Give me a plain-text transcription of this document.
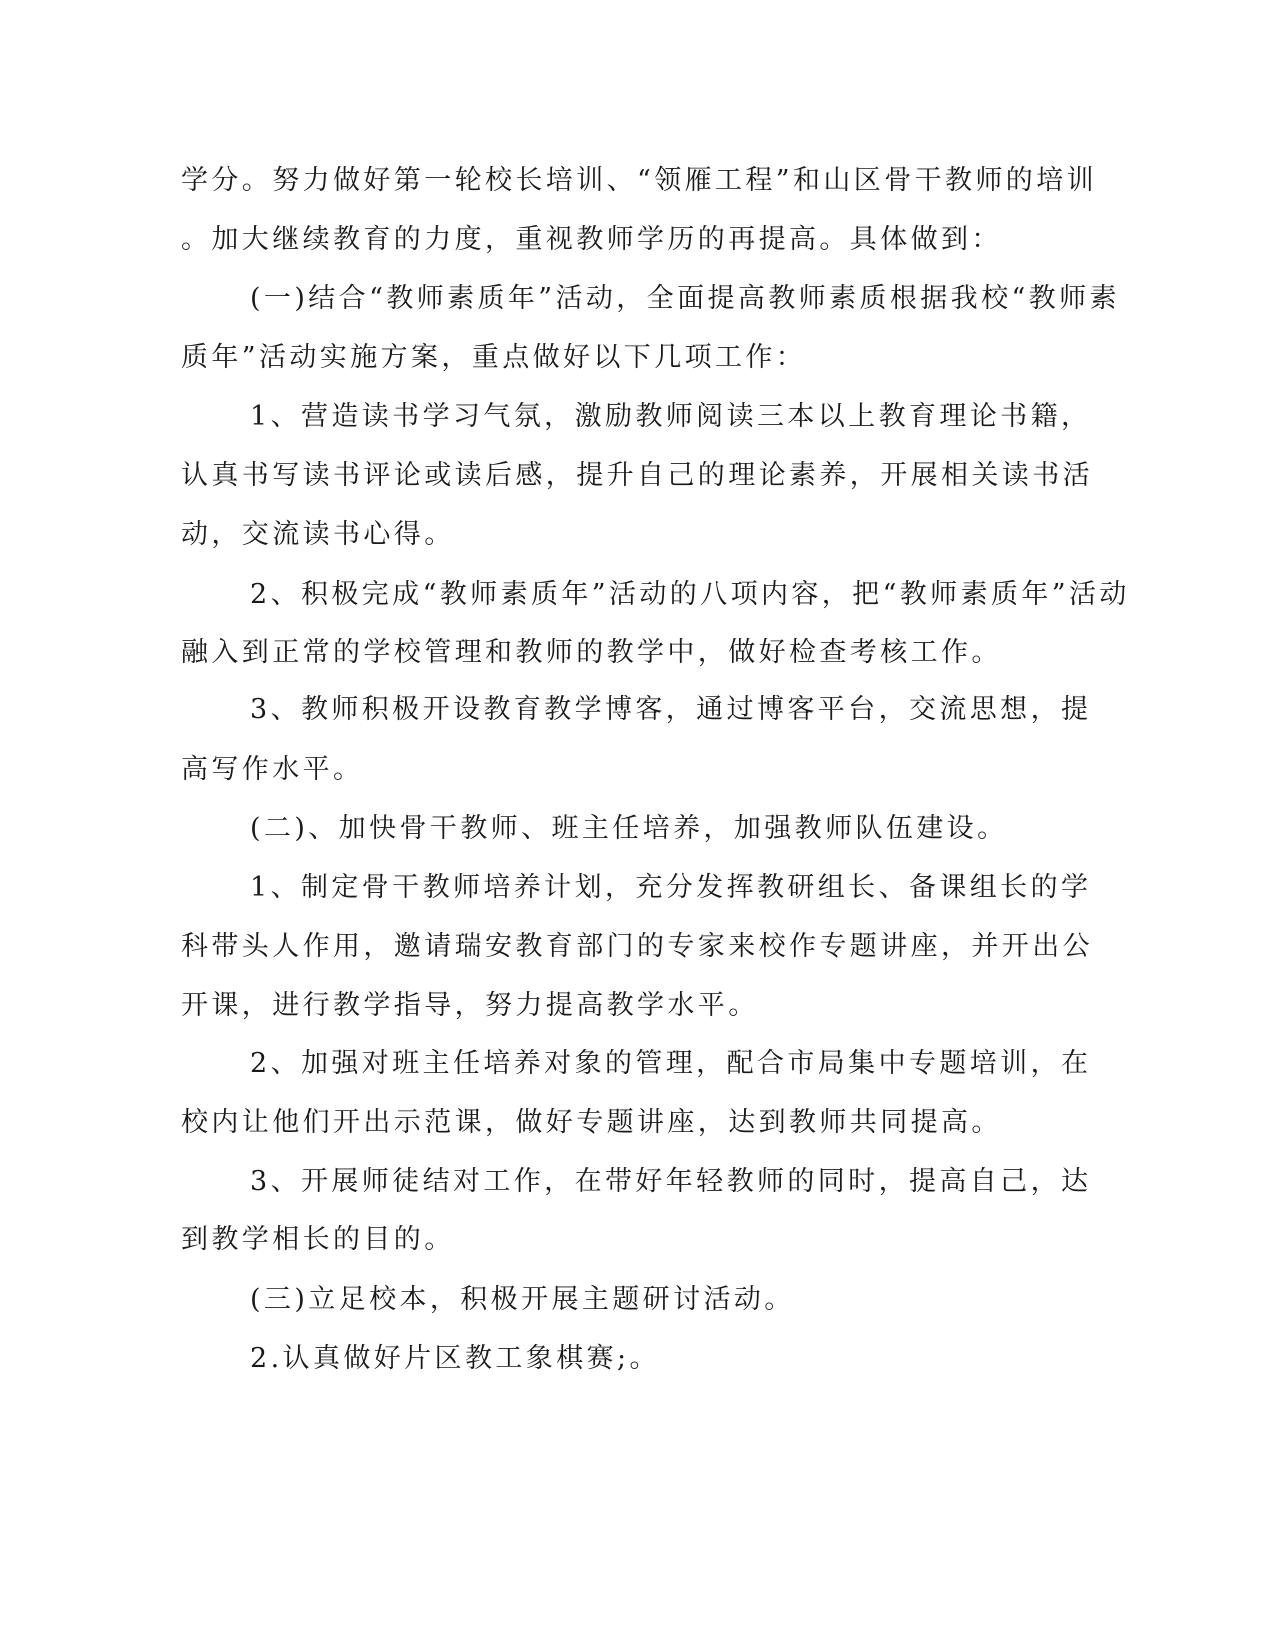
学分。努力做好第一轮校长培训、“领雁工程”和山区骨干教师的培训
。加大继续教育的力度，重视教师学历的再提高。具体做到：
(一)结合“教师素质年”活动，全面提高教师素质根据我校“教师素
质年”活动实施方案，重点做好以下几项工作：
1、营造读书学习气氛，激励教师阅读三本以上教育理论书籍，
认真书写读书评论或读后感，提升自己的理论素养，开展相关读书活
动，交流读书心得。
2、积极完成“教师素质年”活动的八项内容，把“教师素质年”活动
融入到正常的学校管理和教师的教学中，做好检查考核工作。
3、教师积极开设教育教学博客，通过博客平台，交流思想，提
高写作水平。
(二)、加快骨干教师、班主任培养，加强教师队伍建设。
1、制定骨干教师培养计划，充分发挥教研组长、备课组长的学
科带头人作用，邀请瑞安教育部门的专家来校作专题讲座，并开出公
开课，进行教学指导，努力提高教学水平。
2、加强对班主任培养对象的管理，配合市局集中专题培训，在
校内让他们开出示范课，做好专题讲座，达到教师共同提高。
3、开展师徒结对工作，在带好年轻教师的同时，提高自己，达
到教学相长的目的。
(三)立足校本，积极开展主题研讨活动。
2.认真做好片区教工象棋赛;。
